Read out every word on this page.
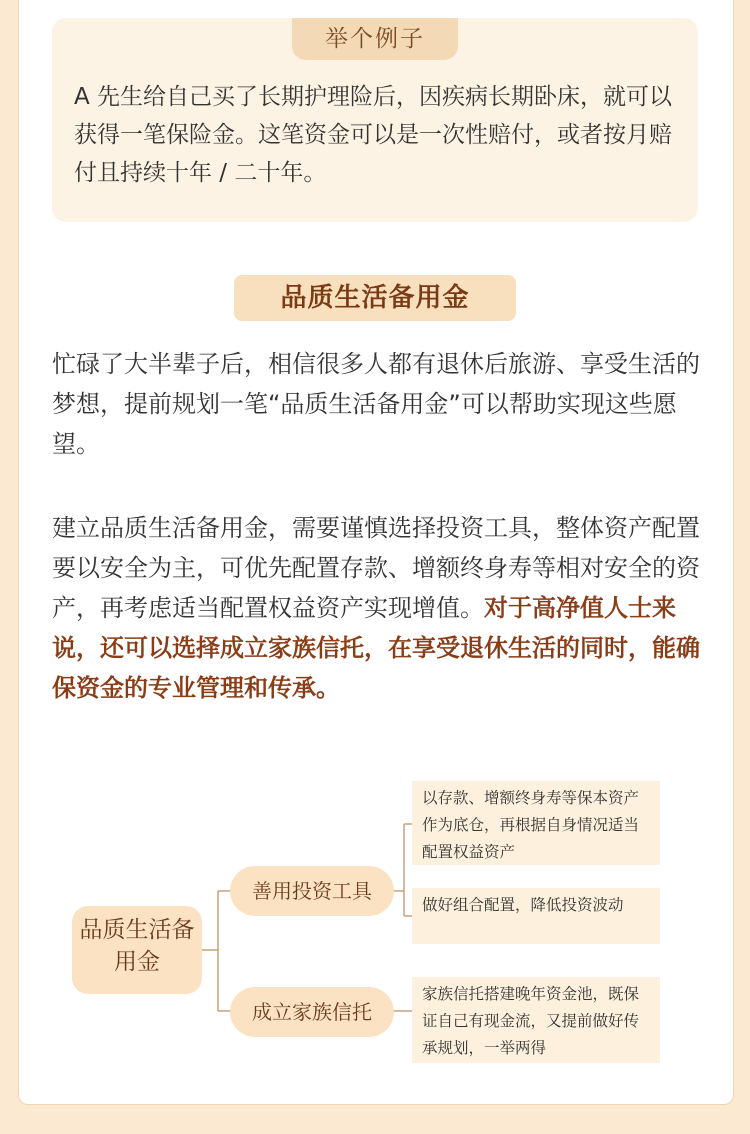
举个例子
A 先生给自己买了长期护理险后，因疾病长期卧床，就可以获得一笔保险金。这笔资金可以是一次性赔付，或者按月赔付且持续十年 / 二十年。
品质生活备用金
忙碌了大半辈子后，相信很多人都有退休后旅游、享受生活的梦想，提前规划一笔“品质生活备用金”可以帮助实现这些愿望。
建立品质生活备用金，需要谨慎选择投资工具，整体资产配置要以安全为主，可优先配置存款、增额终身寿等相对安全的资产，再考虑适当配置权益资产实现增值。对于高净值人士来说，还可以选择成立家族信托，在享受退休生活的同时，能确保资金的专业管理和传承。
品质生活备用金
善用投资工具
成立家族信托
以存款、增额终身寿等保本资产作为底仓，再根据自身情况适当配置权益资产
做好组合配置，降低投资波动
家族信托搭建晚年资金池，既保证自己有现金流，又提前做好传承规划，一举两得
